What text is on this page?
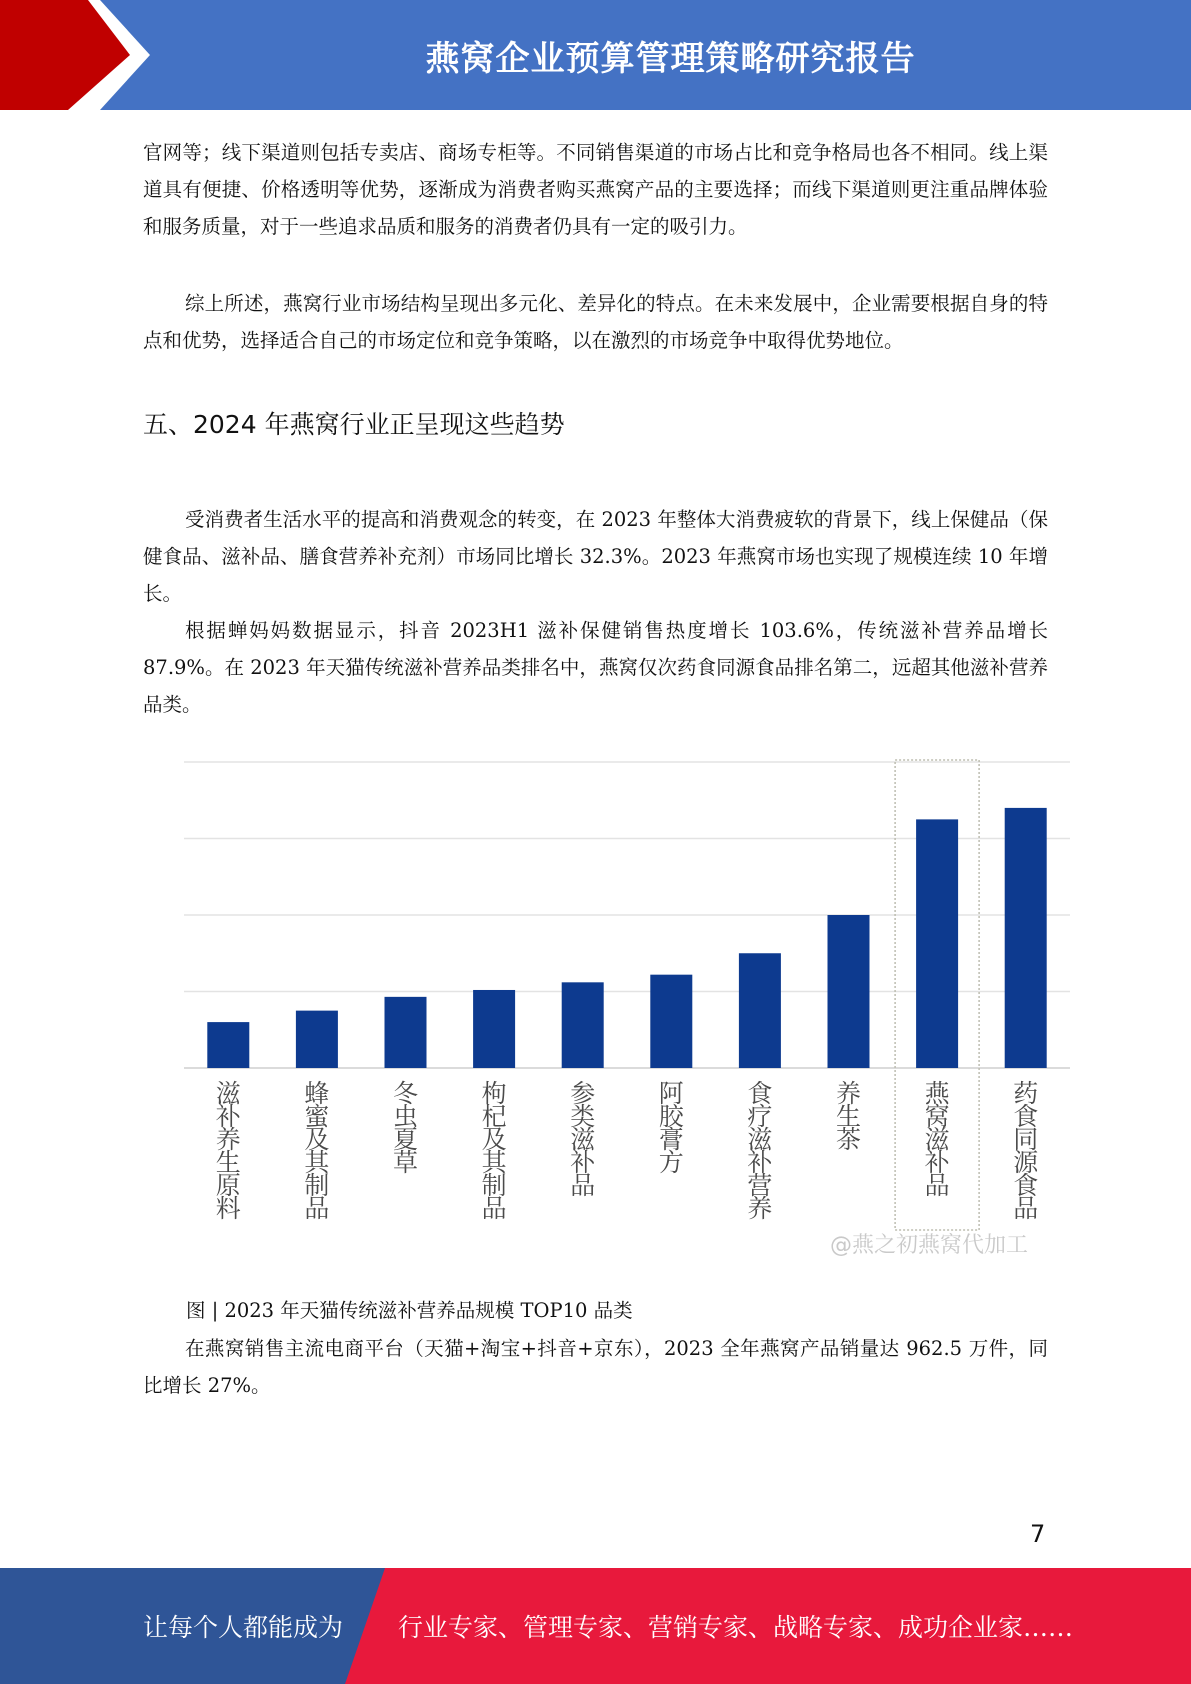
燕窝企业预算管理策略研究报告

官网等；线下渠道则包括专卖店、商场专柜等。不同销售渠道的市场占比和竞争格局也各不相同。线上渠道具有便捷、价格透明等优势，逐渐成为消费者购买燕窝产品的主要选择；而线下渠道则更注重品牌体验和服务质量，对于一些追求品质和服务的消费者仍具有一定的吸引力。

综上所述，燕窝行业市场结构呈现出多元化、差异化的特点。在未来发展中，企业需要根据自身的特点和优势，选择适合自己的市场定位和竞争策略，以在激烈的市场竞争中取得优势地位。

五、2024 年燕窝行业正呈现这些趋势

受消费者生活水平的提高和消费观念的转变，在 2023 年整体大消费疲软的背景下，线上保健品（保健食品、滋补品、膳食营养补充剂）市场同比增长 32.3%。2023 年燕窝市场也实现了规模连续 10 年增长。

根据蝉妈妈数据显示，抖音 2023H1 滋补保健销售热度增长 103.6%，传统滋补营养品增长 87.9%。在 2023 年天猫传统滋补营养品类排名中，燕窝仅次药食同源食品排名第二，远超其他滋补营养品类。

滋补养生原料
蜂蜜及其制品
冬虫夏草
枸杞及其制品
参类滋补品
阿胶膏方
食疗滋补营养
养生茶
燕窝滋补品
药食同源食品
@燕之初燕窝代加工
图 | 2023 年天猫传统滋补营养品规模 TOP10 品类

在燕窝销售主流电商平台（天猫+淘宝+抖音+京东），2023 全年燕窝产品销量达 962.5 万件，同比增长 27%。

7
让每个人都能成为 行业专家、管理专家、营销专家、战略专家、成功企业家……
